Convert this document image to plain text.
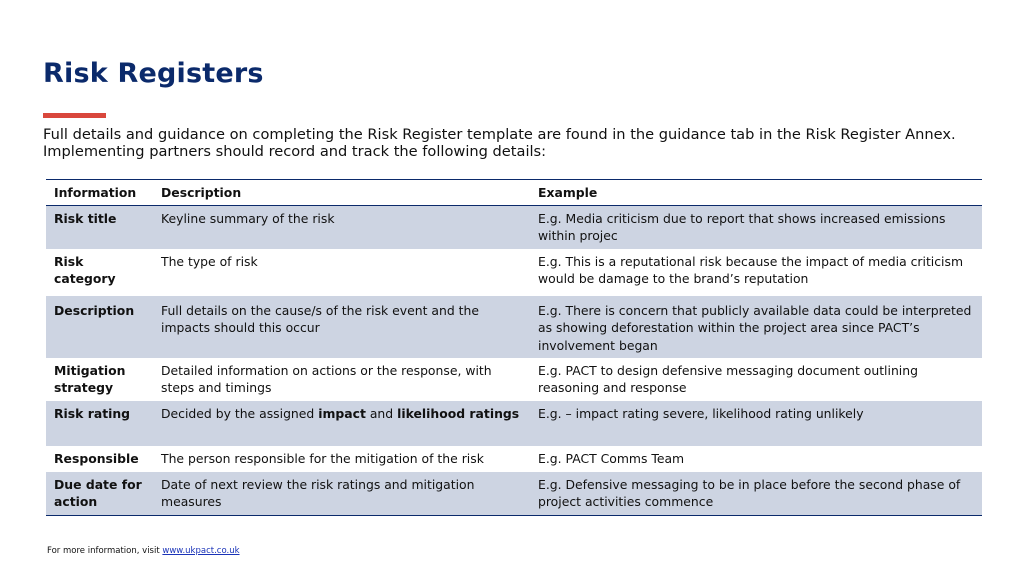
Risk Registers

Full details and guidance on completing the Risk Register template are found in the guidance tab in the Risk Register Annex.
Implementing partners should record and track the following details:

Information	Description	Example
Risk title	Keyline summary of the risk	E.g. Media criticism due to report that shows increased emissions within projec
Risk category	The type of risk	E.g. This is a reputational risk because the impact of media criticism would be damage to the brand’s reputation
Description	Full details on the cause/s of the risk event and the impacts should this occur	E.g. There is concern that publicly available data could be interpreted as showing deforestation within the project area since PACT’s involvement began
Mitigation strategy	Detailed information on actions or the response, with steps and timings	E.g. PACT to design defensive messaging document outlining reasoning and response
Risk rating	Decided by the assigned impact and likelihood ratings	E.g. – impact rating severe, likelihood rating unlikely
Responsible	The person responsible for the mitigation of the risk	E.g. PACT Comms Team
Due date for action	Date of next review the risk ratings and mitigation measures	E.g. Defensive messaging to be in place before the second phase of project activities commence
For more information, visit www.ukpact.co.uk
